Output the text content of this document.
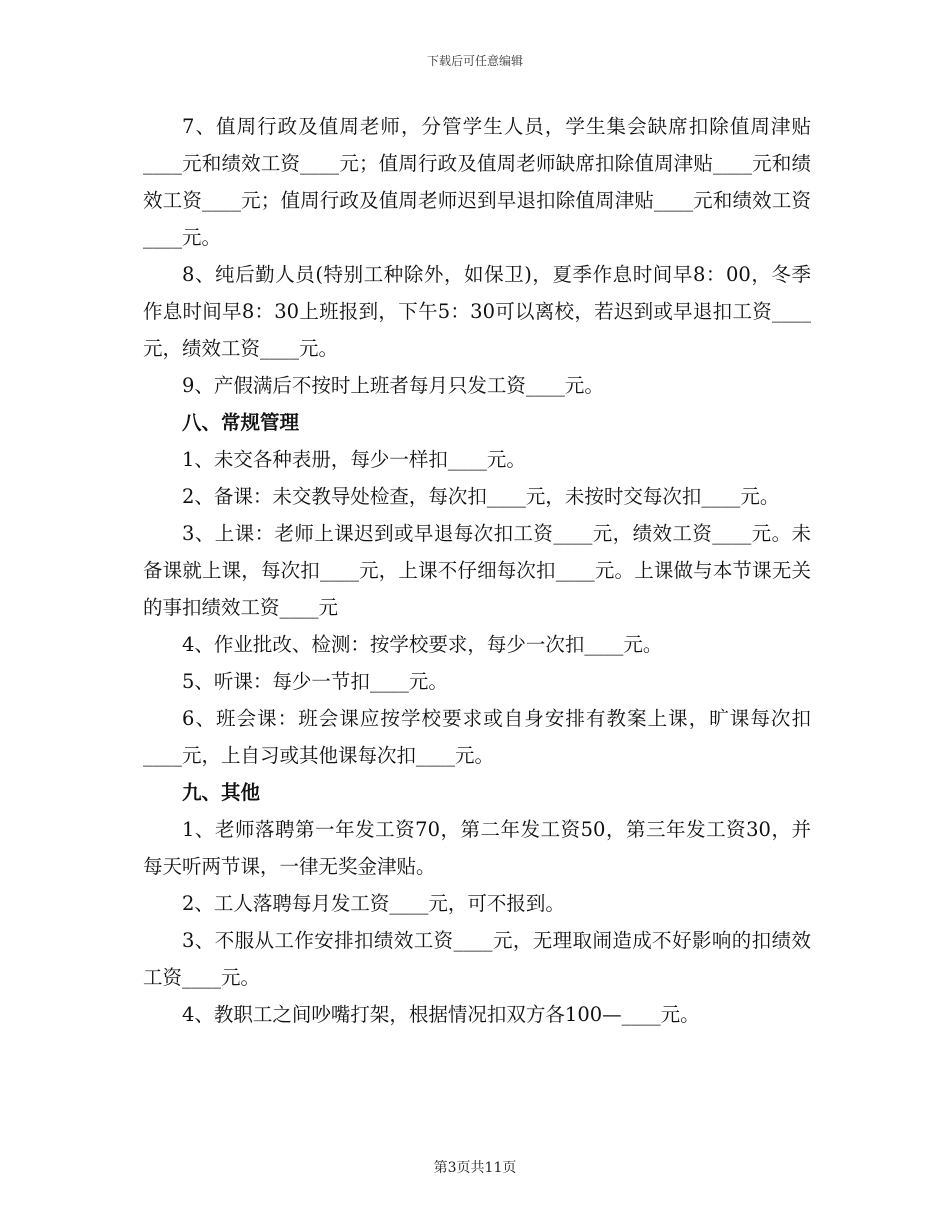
下载后可任意编辑

7、值周行政及值周老师，分管学生人员，学生集会缺席扣除值周津贴____元和绩效工资____元；值周行政及值周老师缺席扣除值周津贴____元和绩效工资____元；值周行政及值周老师迟到早退扣除值周津贴____元和绩效工资____元。

8、纯后勤人员(特别工种除外，如保卫)，夏季作息时间早8：00，冬季作息时间早8：30上班报到，下午5：30可以离校，若迟到或早退扣工资____元，绩效工资____元。

9、产假满后不按时上班者每月只发工资____元。

八、常规管理

1、未交各种表册，每少一样扣____元。

2、备课：未交教导处检查，每次扣____元，未按时交每次扣____元。

3、上课：老师上课迟到或早退每次扣工资____元，绩效工资____元。未备课就上课，每次扣____元，上课不仔细每次扣____元。上课做与本节课无关的事扣绩效工资____元

4、作业批改、检测：按学校要求，每少一次扣____元。

5、听课：每少一节扣____元。

6、班会课：班会课应按学校要求或自身安排有教案上课，旷课每次扣____元，上自习或其他课每次扣____元。

九、其他

1、老师落聘第一年发工资70，第二年发工资50，第三年发工资30，并每天听两节课，一律无奖金津贴。

2、工人落聘每月发工资____元，可不报到。

3、不服从工作安排扣绩效工资____元，无理取闹造成不好影响的扣绩效工资____元。

4、教职工之间吵嘴打架，根据情况扣双方各100—____元。

第3页共11页
